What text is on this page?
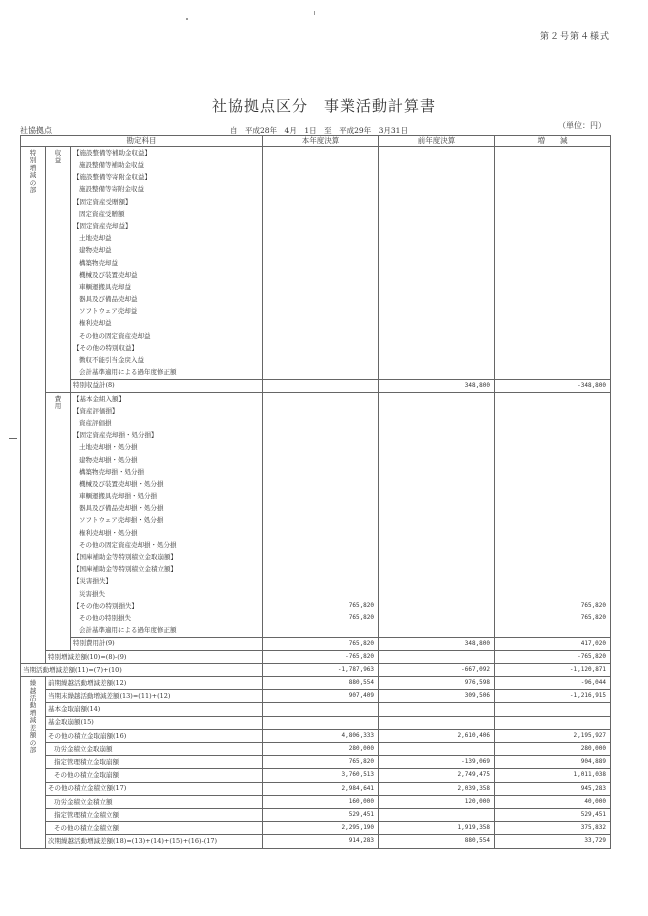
第２号第４様式
社協拠点区分　事業活動計算書
社協拠点	自　平成28年　4月　1日　至　平成29年　3月31日
（単位：円）
勘定科目			本年度決算	前年度決算	増　　減
特別増減の部	収益	【施設整備等補助金収益】			
		施設整備等補助金収益			
		【施設整備等寄附金収益】			
		施設整備等寄附金収益			
		【固定資産受贈額】			
		固定資産受贈額			
		【固定資産売却益】			
		土地売却益			
		建物売却益			
		構築物売却益			
		機械及び装置売却益			
		車輌運搬具売却益			
		器具及び備品売却益			
		ソフトウェア売却益			
		権利売却益			
		その他の固定資産売却益			
		【その他の特別収益】			
		徴収不能引当金戻入益			
		会計基準適用による過年度修正額			
		特別収益計(8)		348,800	-348,800
	費用	【基本金組入額】			
		【資産評価損】			
		資産評価損			
		【固定資産売却損・処分損】			
		土地売却損・処分損			
		建物売却損・処分損			
		構築物売却損・処分損			
		機械及び装置売却損・処分損			
		車輌運搬具売却損・処分損			
		器具及び備品売却損・処分損			
		ソフトウェア売却損・処分損			
		権利売却損・処分損			
		その他の固定資産売却損・処分損			
		【国庫補助金等特別積立金取崩額】			
		【国庫補助金等特別積立金積立額】			
		【災害損失】			
		災害損失			
		【その他の特別損失】	765,820		765,820
		その他の特別損失	765,820		765,820
		会計基準適用による過年度修正額			
		特別費用計(9)	765,820	348,800	417,020
	特別増減差額(10)=(8)-(9)		-765,820		-765,820
当期活動増減差額(11)=(7)+(10)			-1,787,963	-667,092	-1,120,871
繰越活動増減差額の部	前期繰越活動増減差額(12)		880,554	976,598	-96,044
	当期末繰越活動増減差額(13)=(11)+(12)		907,409	309,506	-1,216,915
	基本金取崩額(14)				
	基金取崩額(15)				
	その他の積立金取崩額(16)		4,806,333	2,610,406	2,195,927
	功労金積立金取崩額		280,000		280,000
	指定管理積立金取崩額		765,820	-139,069	904,889
	その他の積立金取崩額		3,760,513	2,749,475	1,011,038
	その他の積立金積立額(17)		2,984,641	2,039,358	945,283
	功労金積立金積立額		160,000	120,000	40,000
	指定管理積立金積立額		529,451		529,451
	その他の積立金積立額		2,295,190	1,919,358	375,832
	次期繰越活動増減差額(18)=(13)+(14)+(15)+(16)-(17)		914,283	880,554	33,729
